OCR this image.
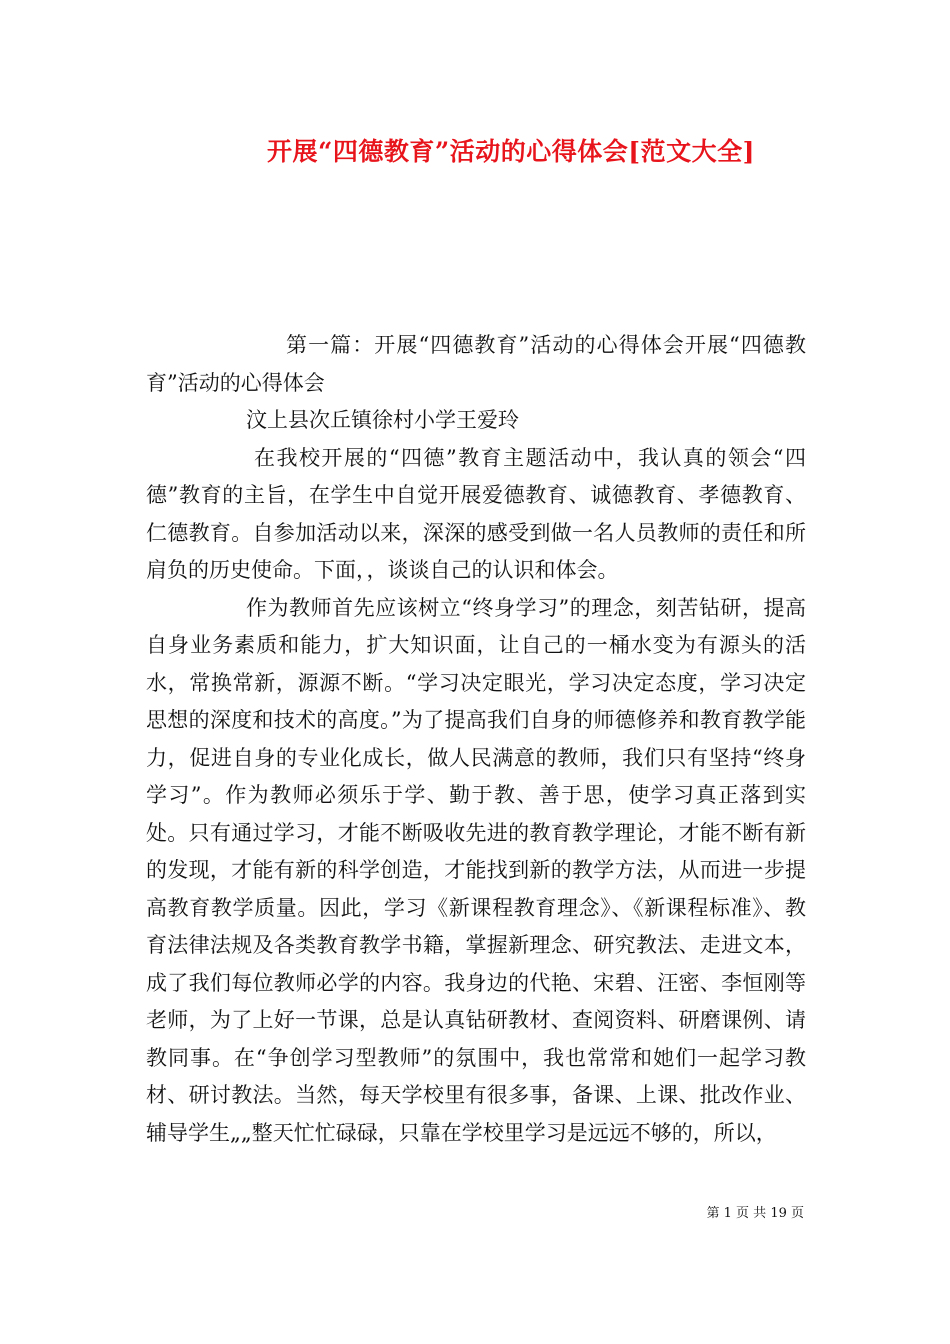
开展“四德教育”活动的心得体会[范文大全]

第一篇：开展“四德教育”活动的心得体会开展“四德教育”活动的心得体会

汶上县次丘镇徐村小学王爱玲

在我校开展的“四德”教育主题活动中，我认真的领会“四德”教育的主旨，在学生中自觉开展爱德教育、诚德教育、孝德教育、仁德教育。自参加活动以来，深深的感受到做一名人员教师的责任和所肩负的历史使命。下面，，谈谈自己的认识和体会。

作为教师首先应该树立“终身学习”的理念，刻苦钻研，提高自身业务素质和能力，扩大知识面，让自己的一桶水变为有源头的活水，常换常新，源源不断。“学习决定眼光，学习决定态度，学习决定思想的深度和技术的高度。”为了提高我们自身的师德修养和教育教学能力，促进自身的专业化成长，做人民满意的教师，我们只有坚持“终身学习”。作为教师必须乐于学、勤于教、善于思，使学习真正落到实处。只有通过学习，才能不断吸收先进的教育教学理论，才能不断有新的发现，才能有新的科学创造，才能找到新的教学方法，从而进一步提高教育教学质量。因此，学习《新课程教育理念》、《新课程标准》、教育法律法规及各类教育教学书籍，掌握新理念、研究教法、走进文本，成了我们每位教师必学的内容。我身边的代艳、宋碧、汪密、李恒刚等老师，为了上好一节课，总是认真钻研教材、查阅资料、研磨课例、请教同事。在“争创学习型教师”的氛围中，我也常常和她们一起学习教材、研讨教法。当然，每天学校里有很多事，备课、上课、批改作业、辅导学生„„整天忙忙碌碌，只靠在学校里学习是远远不够的，所以，

第 1 页 共 19 页
